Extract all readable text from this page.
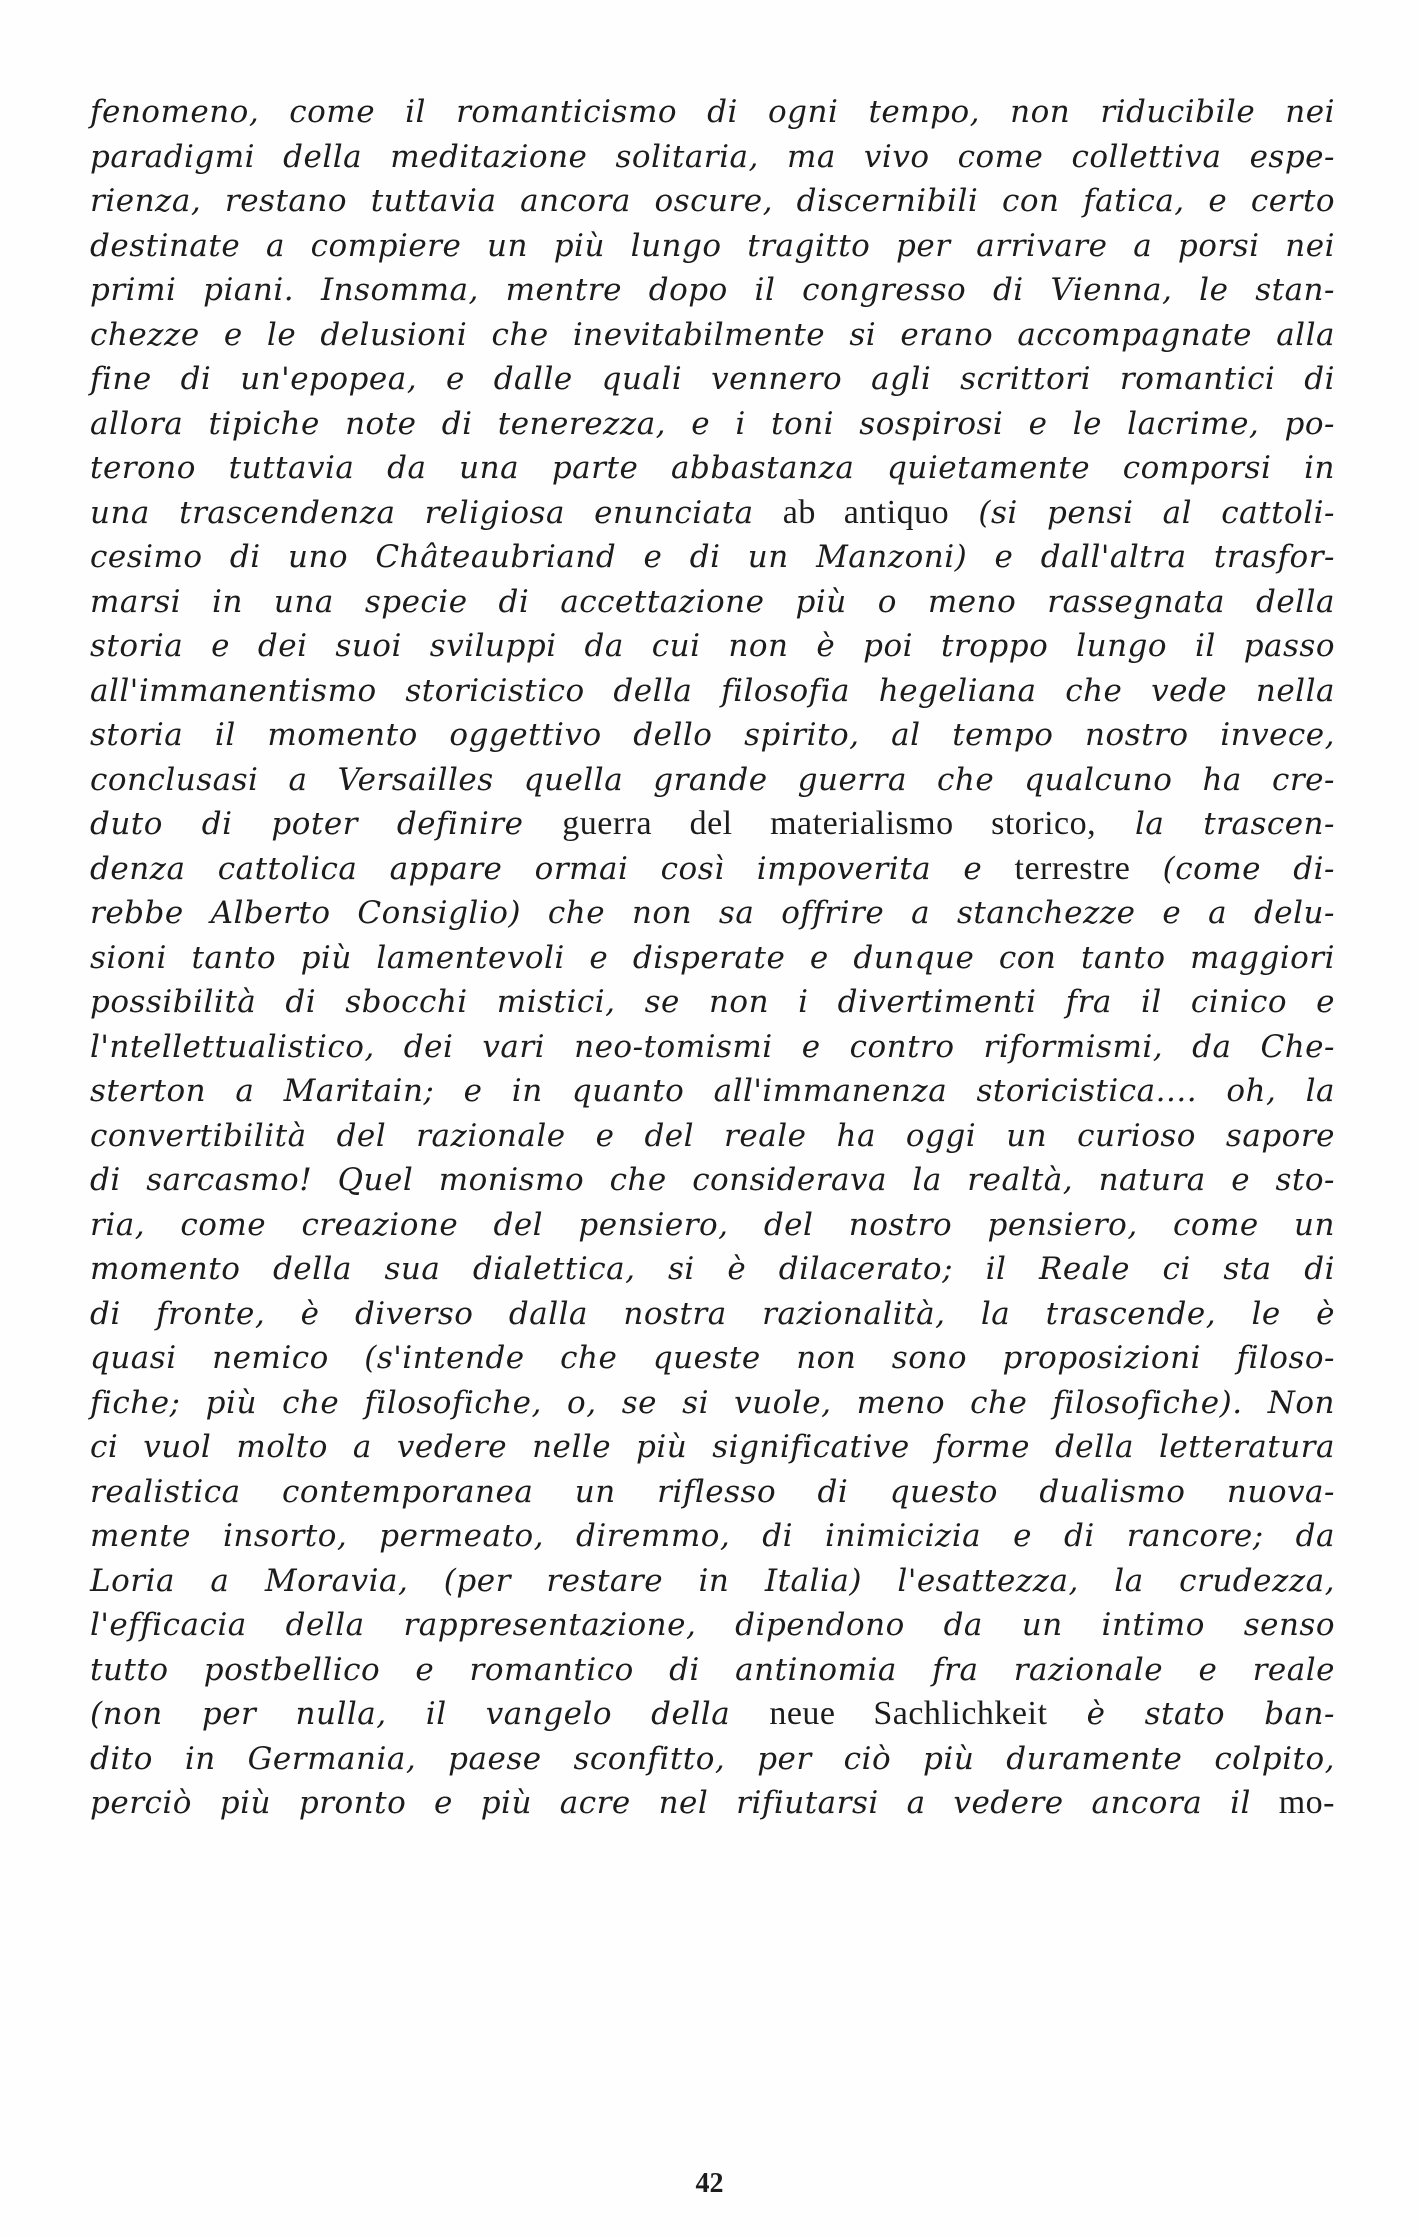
fenomeno, come il romanticismo di ogni tempo, non riducibile nei
paradigmi della meditazione solitaria, ma vivo come collettiva espe-
rienza, restano tuttavia ancora oscure, discernibili con fatica, e certo
destinate a compiere un più lungo tragitto per arrivare a porsi nei
primi piani. Insomma, mentre dopo il congresso di Vienna, le stan-
chezze e le delusioni che inevitabilmente si erano accompagnate alla
fine di un'epopea, e dalle quali vennero agli scrittori romantici di
allora tipiche note di tenerezza, e i toni sospirosi e le lacrime, po-
terono tuttavia da una parte abbastanza quietamente comporsi in
una trascendenza religiosa enunciata ab antiquo (si pensi al cattoli-
cesimo di uno Châteaubriand e di un Manzoni) e dall'altra trasfor-
marsi in una specie di accettazione più o meno rassegnata della
storia e dei suoi sviluppi da cui non è poi troppo lungo il passo
all'immanentismo storicistico della filosofia hegeliana che vede nella
storia il momento oggettivo dello spirito, al tempo nostro invece,
conclusasi a Versailles quella grande guerra che qualcuno ha cre-
duto di poter definire guerra del materialismo storico, la trascen-
denza cattolica appare ormai così impoverita e terrestre (come di-
rebbe Alberto Consiglio) che non sa offrire a stanchezze e a delu-
sioni tanto più lamentevoli e disperate e dunque con tanto maggiori
possibilità di sbocchi mistici, se non i divertimenti fra il cinico e
l'ntellettualistico, dei vari neo-tomismi e contro riformismi, da Che-
sterton a Maritain; e in quanto all'immanenza storicistica.... oh, la
convertibilità del razionale e del reale ha oggi un curioso sapore
di sarcasmo! Quel monismo che considerava la realtà, natura e sto-
ria, come creazione del pensiero, del nostro pensiero, come un
momento della sua dialettica, si è dilacerato; il Reale ci sta di
di fronte, è diverso dalla nostra razionalità, la trascende, le è
quasi nemico (s'intende che queste non sono proposizioni filoso-
fiche; più che filosofiche, o, se si vuole, meno che filosofiche). Non
ci vuol molto a vedere nelle più significative forme della letteratura
realistica contemporanea un riflesso di questo dualismo nuova-
mente insorto, permeato, diremmo, di inimicizia e di rancore; da
Loria a Moravia, (per restare in Italia) l'esattezza, la crudezza,
l'efficacia della rappresentazione, dipendono da un intimo senso
tutto postbellico e romantico di antinomia fra razionale e reale
(non per nulla, il vangelo della neue Sachlichkeit è stato ban-
dito in Germania, paese sconfitto, per ciò più duramente colpito,
perciò più pronto e più acre nel rifiutarsi a vedere ancora il mo-
42
